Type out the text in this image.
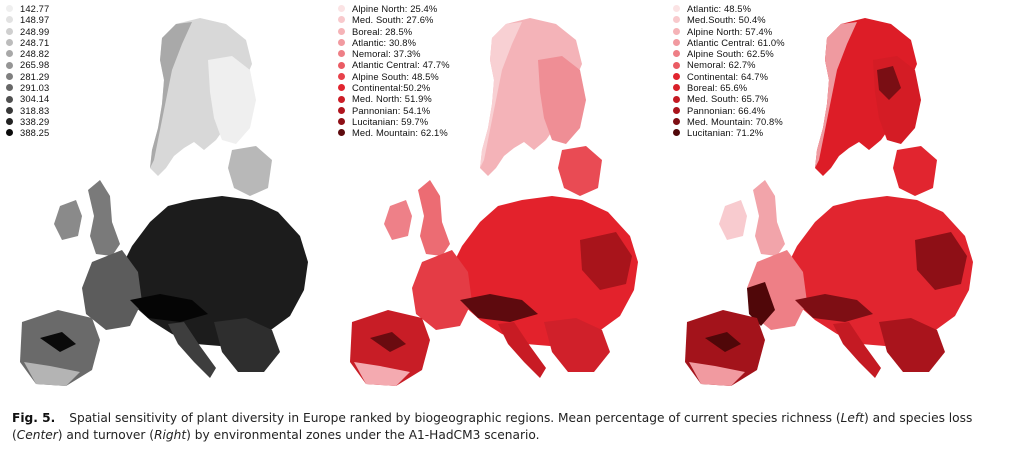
142.77
148.97
248.99
248.71
248.82
265.98
281.29
291.03
304.14
318.83
338.29
388.25
Alpine North: 25.4%
Med. South: 27.6%
Boreal: 28.5%
Atlantic: 30.8%
Nemoral: 37.3%
Atlantic Central: 47.7%
Alpine South: 48.5%
Continental:50.2%
Med. North: 51.9%
Pannonian: 54.1%
Lucitanian: 59.7%
Med. Mountain: 62.1%
Atlantic: 48.5%
Med.South: 50.4%
Alpine North: 57.4%
Atlantic Central: 61.0%
Alpine South: 62.5%
Nemoral: 62.7%
Continental: 64.7%
Boreal: 65.6%
Med. South: 65.7%
Pannonian: 66.4%
Med. Mountain: 70.8%
Lucitanian: 71.2%
Fig. 5. Spatial sensitivity of plant diversity in Europe ranked by biogeographic regions. Mean percentage of current species richness (Left) and species loss (Center) and turnover (Right) by environmental zones under the A1-HadCM3 scenario.
